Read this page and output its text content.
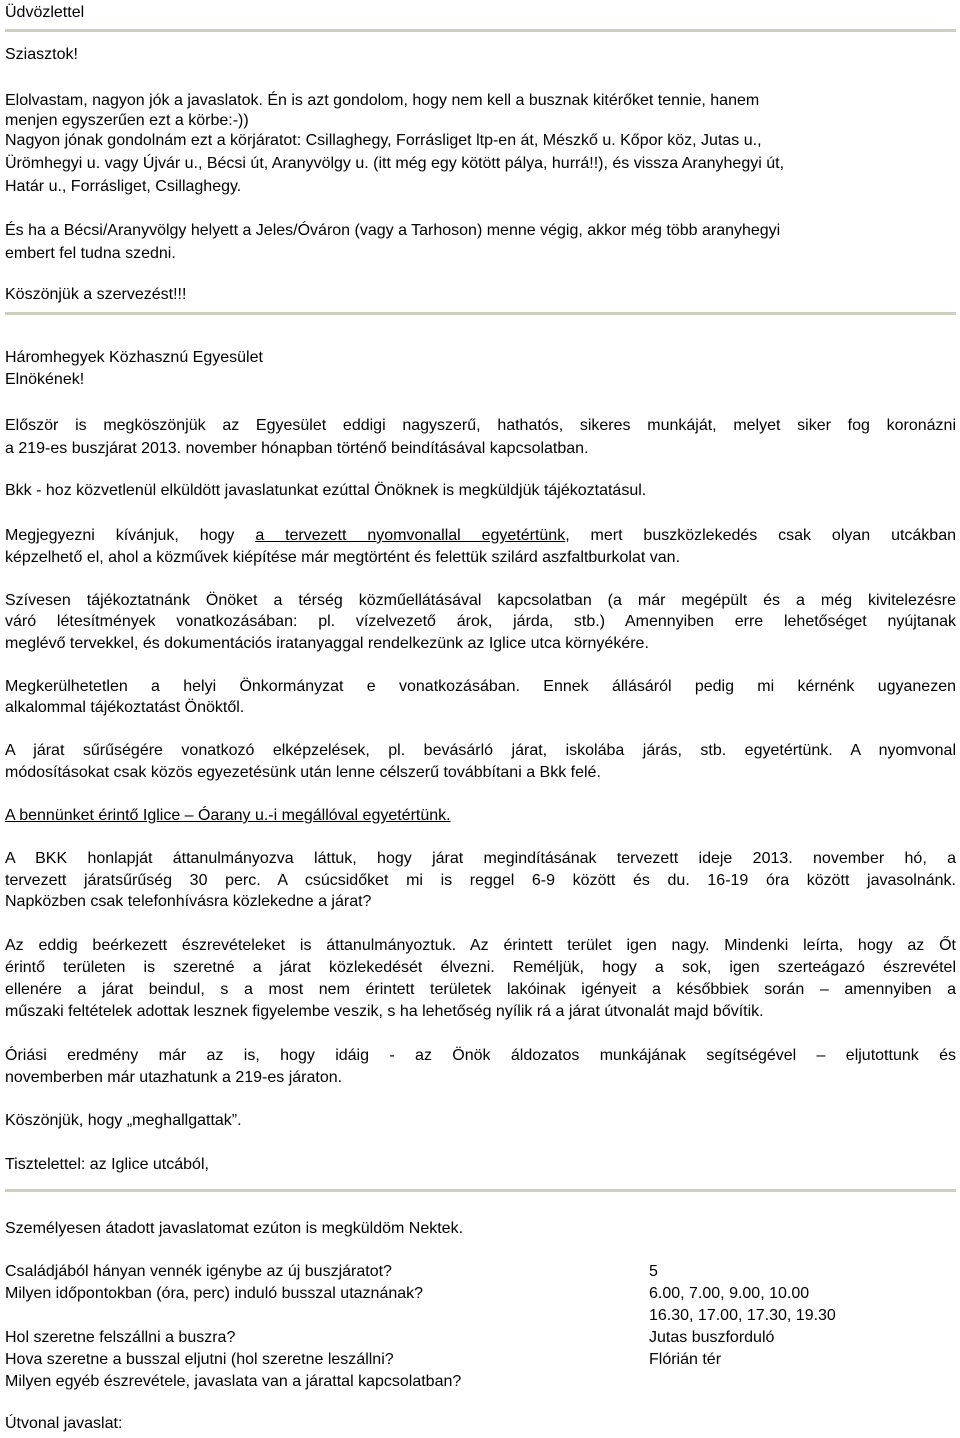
Üdvözlettel
Sziasztok!
Elolvastam, nagyon jók a javaslatok. Én is azt gondolom, hogy nem kell a busznak kitérőket tennie, hanem
menjen egyszerűen ezt a körbe:-))
Nagyon jónak gondolnám ezt a körjáratot: Csillaghegy, Forrásliget ltp-en át, Mészkő u. Kőpor köz, Jutas u.,
Ürömhegyi u. vagy Újvár u., Bécsi út, Aranyvölgy u. (itt még egy kötött pálya, hurrá!!), és vissza Aranyhegyi út,
Határ u., Forrásliget, Csillaghegy.
És ha a Bécsi/Aranyvölgy helyett a Jeles/Óváron (vagy a Tarhoson) menne végig, akkor még több aranyhegyi
embert fel tudna szedni.
Köszönjük a szervezést!!!
Háromhegyek Közhasznú Egyesület
Elnökének!
Először is megköszönjük az Egyesület eddigi nagyszerű, hathatós, sikeres munkáját, melyet siker fog koronázni
a 219-es buszjárat 2013. november hónapban történő beindításával kapcsolatban.
Bkk - hoz közvetlenül elküldött javaslatunkat ezúttal Önöknek is megküldjük tájékoztatásul.
Megjegyezni kívánjuk, hogy a tervezett nyomvonallal egyetértünk, mert buszközlekedés csak olyan utcákban
képzelhető el, ahol a közművek kiépítése már megtörtént és felettük szilárd aszfaltburkolat van.
Szívesen tájékoztatnánk Önöket a térség közműellátásával kapcsolatban (a már megépült és a még kivitelezésre
váró létesítmények vonatkozásában: pl. vízelvezető árok, járda, stb.) Amennyiben erre lehetőséget nyújtanak
meglévő tervekkel, és dokumentációs iratanyaggal rendelkezünk az Iglice utca környékére.
Megkerülhetetlen a helyi Önkormányzat e vonatkozásában. Ennek állásáról pedig mi kérnénk ugyanezen
alkalommal tájékoztatást Önöktől.
A járat sűrűségére vonatkozó elképzelések, pl. bevásárló járat, iskolába járás, stb. egyetértünk. A nyomvonal
módosításokat csak közös egyezetésünk után lenne célszerű továbbítani a Bkk felé.
A bennünket érintő Iglice – Óarany u.-i megállóval egyetértünk.
A BKK honlapját áttanulmányozva láttuk, hogy járat megindításának tervezett ideje 2013. november hó, a
tervezett járatsűrűség 30 perc. A csúcsidőket mi is reggel 6-9 között és du. 16-19 óra között javasolnánk.
Napközben csak telefonhívásra közlekedne a járat?
Az eddig beérkezett észrevételeket is áttanulmányoztuk. Az érintett terület igen nagy. Mindenki leírta, hogy az Őt
érintő területen is szeretné a járat közlekedését élvezni. Reméljük, hogy a sok, igen szerteágazó észrevétel
ellenére a járat beindul, s a most nem érintett területek lakóinak igényeit a későbbiek során – amennyiben a
műszaki feltételek adottak lesznek figyelembe veszik, s ha lehetőség nyílik rá a járat útvonalát majd bővítik.
Óriási eredmény már az is, hogy idáig - az Önök áldozatos munkájának segítségével – eljutottunk és
novemberben már utazhatunk a 219-es járaton.
Köszönjük, hogy „meghallgattak”.
Tisztelettel: az Iglice utcából,
Személyesen átadott javaslatomat ezúton is megküldöm Nektek.
Családjából hányan vennék igénybe az új buszjáratot?	5
Milyen időpontokban (óra, perc) induló busszal utaznának?	6.00, 7.00, 9.00, 10.00
16.30, 17.00, 17.30, 19.30
Hol szeretne felszállni a buszra?	Jutas buszforduló
Hova szeretne a busszal eljutni (hol szeretne leszállni?	Flórián tér
Milyen egyéb észrevétele, javaslata van a járattal kapcsolatban?
Útvonal javaslat:
